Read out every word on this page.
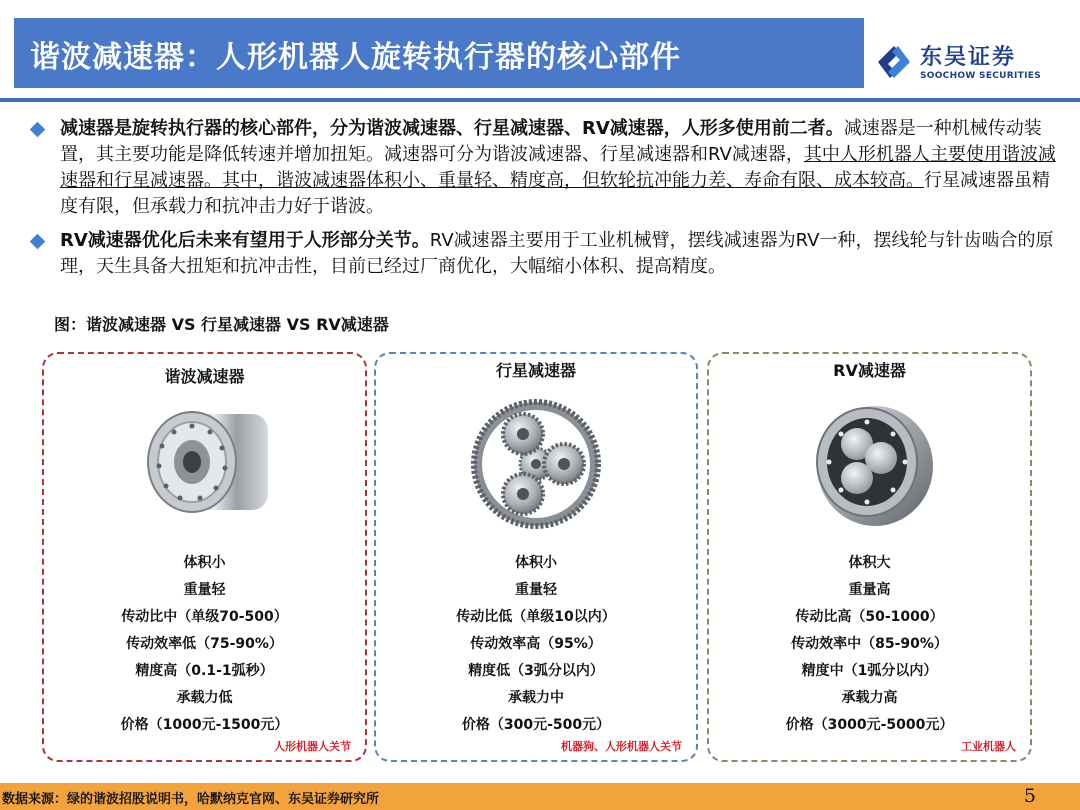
谐波减速器：人形机器人旋转执行器的核心部件	东吴证券
SOOCHOW SECURITIES
减速器是旋转执行器的核心部件，分为谐波减速器、行星减速器、RV减速器，人形多使用前二者。减速器是一种机械传动装置，其主要功能是降低转速并增加扭矩。减速器可分为谐波减速器、行星减速器和RV减速器，其中人形机器人主要使用谐波减速器和行星减速器。其中，谐波减速器体积小、重量轻、精度高，但软轮抗冲能力差、寿命有限、成本较高。行星减速器虽精度有限，但承载力和抗冲击力好于谐波。
RV减速器优化后未来有望用于人形部分关节。RV减速器主要用于工业机械臂，摆线减速器为RV一种，摆线轮与针齿啮合的原理，天生具备大扭矩和抗冲击性，目前已经过厂商优化，大幅缩小体积、提高精度。
图：谐波减速器 VS 行星减速器 VS RV减速器
谐波减速器
体积小
重量轻
传动比中（单级70-500）
传动效率低（75-90%）
精度高（0.1-1弧秒）
承载力低
价格（1000元-1500元）
人形机器人关节
行星减速器
体积小
重量轻
传动比低（单级10以内）
传动效率高（95%）
精度低（3弧分以内）
承载力中
价格（300元-500元）
机器狗、人形机器人关节
RV减速器
体积大
重量高
传动比高（50-1000）
传动效率中（85-90%）
精度中（1弧分以内）
承载力高
价格（3000元-5000元）
工业机器人
数据来源：绿的谐波招股说明书，哈默纳克官网、东吴证券研究所	5
